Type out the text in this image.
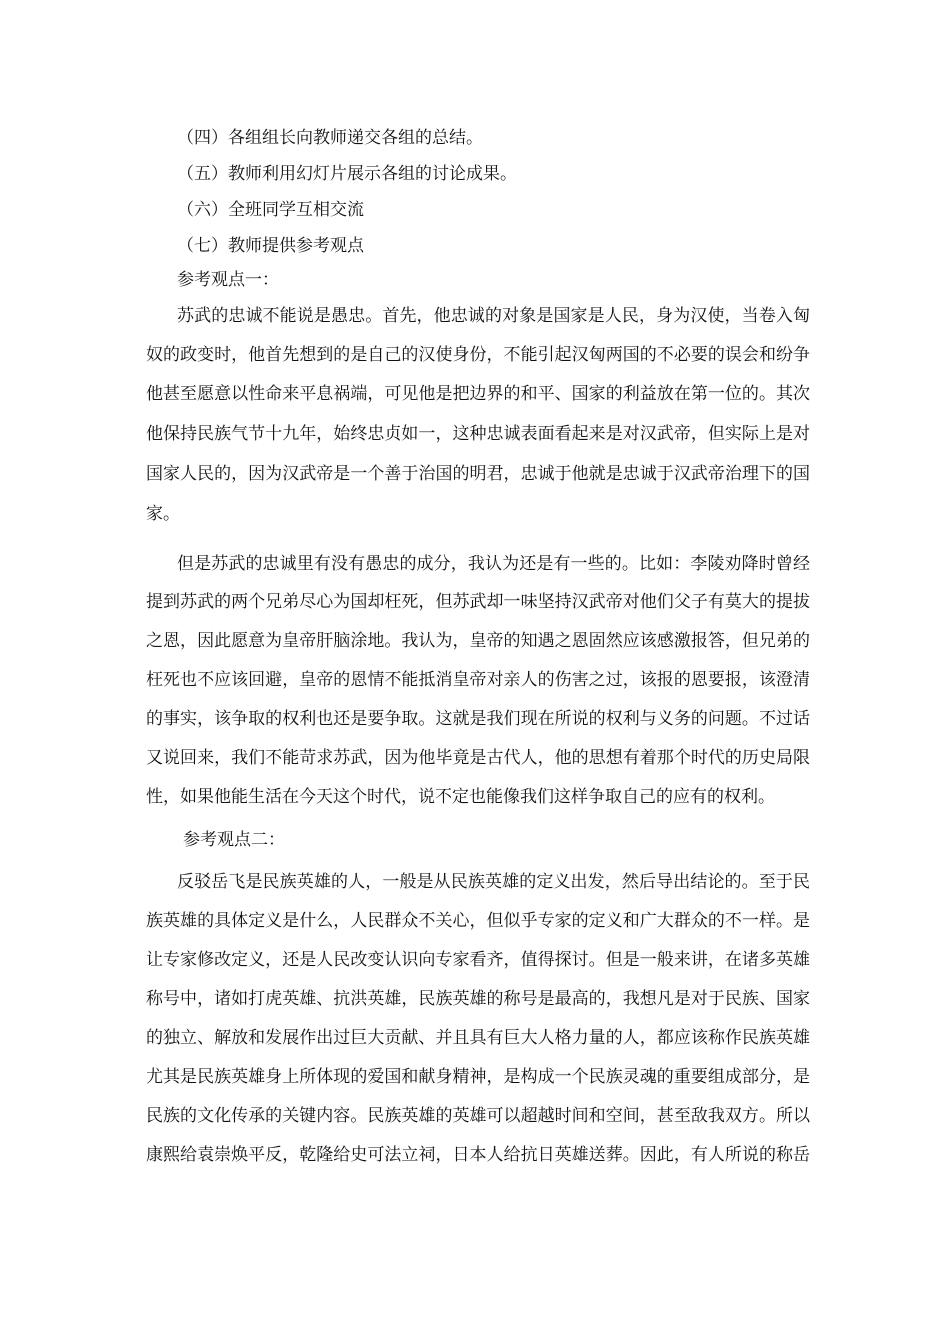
（四）各组组长向教师递交各组的总结。
（五）教师利用幻灯片展示各组的讨论成果。
（六）全班同学互相交流
（七）教师提供参考观点
参考观点一：
苏武的忠诚不能说是愚忠。首先，他忠诚的对象是国家是人民，身为汉使，当卷入匈
奴的政变时，他首先想到的是自己的汉使身份，不能引起汉匈两国的不必要的误会和纷争
他甚至愿意以性命来平息祸端，可见他是把边界的和平、国家的利益放在第一位的。其次
他保持民族气节十九年，始终忠贞如一，这种忠诚表面看起来是对汉武帝，但实际上是对
国家人民的，因为汉武帝是一个善于治国的明君，忠诚于他就是忠诚于汉武帝治理下的国
家。
但是苏武的忠诚里有没有愚忠的成分，我认为还是有一些的。比如：李陵劝降时曾经
提到苏武的两个兄弟尽心为国却枉死，但苏武却一味坚持汉武帝对他们父子有莫大的提拔
之恩，因此愿意为皇帝肝脑涂地。我认为，皇帝的知遇之恩固然应该感激报答，但兄弟的
枉死也不应该回避，皇帝的恩情不能抵消皇帝对亲人的伤害之过，该报的恩要报，该澄清
的事实，该争取的权利也还是要争取。这就是我们现在所说的权利与义务的问题。不过话
又说回来，我们不能苛求苏武，因为他毕竟是古代人，他的思想有着那个时代的历史局限
性，如果他能生活在今天这个时代，说不定也能像我们这样争取自己的应有的权利。
参考观点二：
反驳岳飞是民族英雄的人，一般是从民族英雄的定义出发，然后导出结论的。至于民
族英雄的具体定义是什么，人民群众不关心，但似乎专家的定义和广大群众的不一样。是
让专家修改定义，还是人民改变认识向专家看齐，值得探讨。但是一般来讲，在诸多英雄
称号中，诸如打虎英雄、抗洪英雄，民族英雄的称号是最高的，我想凡是对于民族、国家
的独立、解放和发展作出过巨大贡献、并且具有巨大人格力量的人，都应该称作民族英雄
尤其是民族英雄身上所体现的爱国和献身精神，是构成一个民族灵魂的重要组成部分，是
民族的文化传承的关键内容。民族英雄的英雄可以超越时间和空间，甚至敌我双方。所以
康熙给袁崇焕平反，乾隆给史可法立祠，日本人给抗日英雄送葬。因此，有人所说的称岳
